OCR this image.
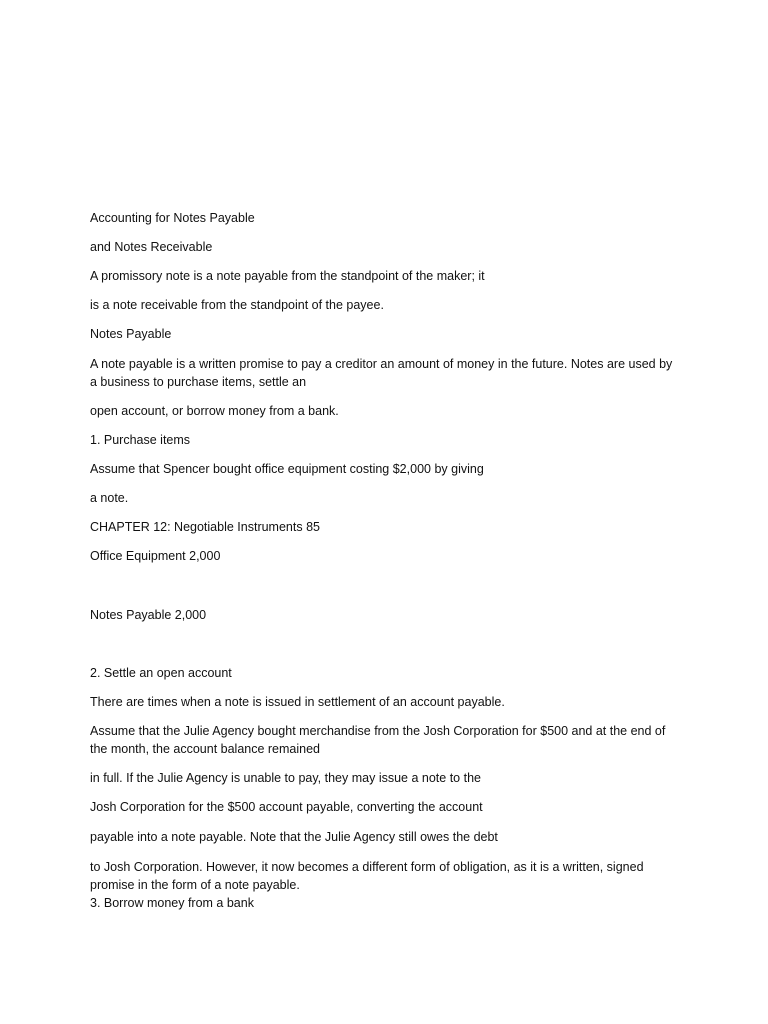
Accounting for Notes Payable

and Notes Receivable

A promissory note is a note payable from the standpoint of the maker; it

is a note receivable from the standpoint of the payee.

Notes Payable

A note payable is a written promise to pay a creditor an amount of money in the future. Notes are used by a business to purchase items, settle an

open account, or borrow money from a bank.

1. Purchase items

Assume that Spencer bought office equipment costing $2,000 by giving

a note.

CHAPTER 12: Negotiable Instruments 85

Office Equipment 2,000

Notes Payable 2,000

2. Settle an open account

There are times when a note is issued in settlement of an account payable.

Assume that the Julie Agency bought merchandise from the Josh Corporation for $500 and at the end of the month, the account balance remained

in full. If the Julie Agency is unable to pay, they may issue a note to the

Josh Corporation for the $500 account payable, converting the account

payable into a note payable. Note that the Julie Agency still owes the debt

to Josh Corporation. However, it now becomes a different form of obligation, as it is a written, signed promise in the form of a note payable.

3. Borrow money from a bank
